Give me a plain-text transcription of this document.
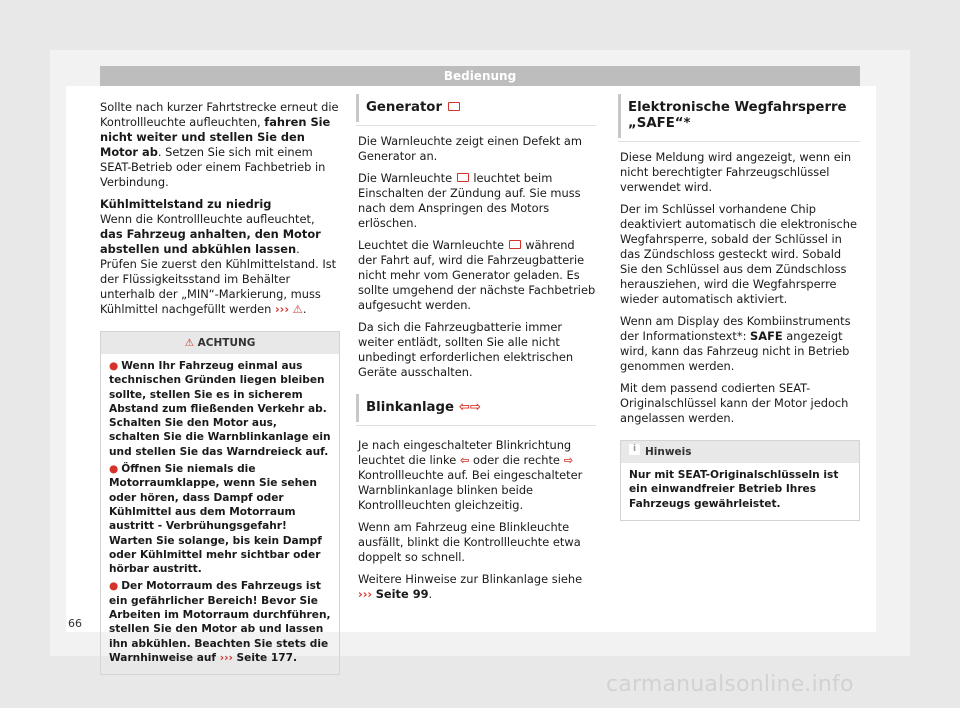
Bedienung

Sollte nach kurzer Fahrtstrecke erneut die Kontrollleuchte aufleuchten, fahren Sie nicht weiter und stellen Sie den Motor ab. Setzen Sie sich mit einem SEAT-Betrieb oder einem Fachbetrieb in Verbindung.

Kühlmittelstand zu niedrig

Wenn die Kontrollleuchte aufleuchtet, das Fahrzeug anhalten, den Motor abstellen und abkühlen lassen. Prüfen Sie zuerst den Kühlmittelstand. Ist der Flüssigkeitsstand im Behälter unterhalb der „MIN“-Markierung, muss Kühlmittel nachgefüllt werden ››› ⚠.

⚠ ACHTUNG

● Wenn Ihr Fahrzeug einmal aus technischen Gründen liegen bleiben sollte, stellen Sie es in sicherem Abstand zum fließenden Verkehr ab. Schalten Sie den Motor aus, schalten Sie die Warnblinkanlage ein und stellen Sie das Warndreieck auf.

● Öffnen Sie niemals die Motorraumklappe, wenn Sie sehen oder hören, dass Dampf oder Kühlmittel aus dem Motorraum austritt - Verbrühungsgefahr! Warten Sie solange, bis kein Dampf oder Kühlmittel mehr sichtbar oder hörbar austritt.

● Der Motorraum des Fahrzeugs ist ein gefährlicher Bereich! Bevor Sie Arbeiten im Motorraum durchführen, stellen Sie den Motor ab und lassen ihn abkühlen. Beachten Sie stets die Warnhinweise auf ››› Seite 177.

Generator

Die Warnleuchte zeigt einen Defekt am Generator an.

Die Warnleuchte  leuchtet beim Einschalten der Zündung auf. Sie muss nach dem Anspringen des Motors erlöschen.

Leuchtet die Warnleuchte  während der Fahrt auf, wird die Fahrzeugbatterie nicht mehr vom Generator geladen. Es sollte umgehend der nächste Fachbetrieb aufgesucht werden.

Da sich die Fahrzeugbatterie immer weiter entlädt, sollten Sie alle nicht unbedingt erforderlichen elektrischen Geräte ausschalten.

Blinkanlage ⇦⇨

Je nach eingeschalteter Blinkrichtung leuchtet die linke ⇦ oder die rechte ⇨ Kontrollleuchte auf. Bei eingeschalteter Warnblinkanlage blinken beide Kontrollleuchten gleichzeitig.

Wenn am Fahrzeug eine Blinkleuchte ausfällt, blinkt die Kontrollleuchte etwa doppelt so schnell.

Weitere Hinweise zur Blinkanlage siehe
››› Seite 99.

Elektronische Wegfahrsperre „SAFE“*

Diese Meldung wird angezeigt, wenn ein nicht berechtigter Fahrzeugschlüssel verwendet wird.

Der im Schlüssel vorhandene Chip deaktiviert automatisch die elektronische Wegfahrsperre, sobald der Schlüssel in das Zündschloss gesteckt wird. Sobald Sie den Schlüssel aus dem Zündschloss herausziehen, wird die Wegfahrsperre wieder automatisch aktiviert.

Wenn am Display des Kombiinstruments der Informationstext*: SAFE angezeigt wird, kann das Fahrzeug nicht in Betrieb genommen werden.

Mit dem passend codierten SEAT-Originalschlüssel kann der Motor jedoch angelassen werden.

i Hinweis

Nur mit SEAT-Originalschlüsseln ist ein einwandfreier Betrieb Ihres Fahrzeugs gewährleistet.

66
carmanualsonline.info
